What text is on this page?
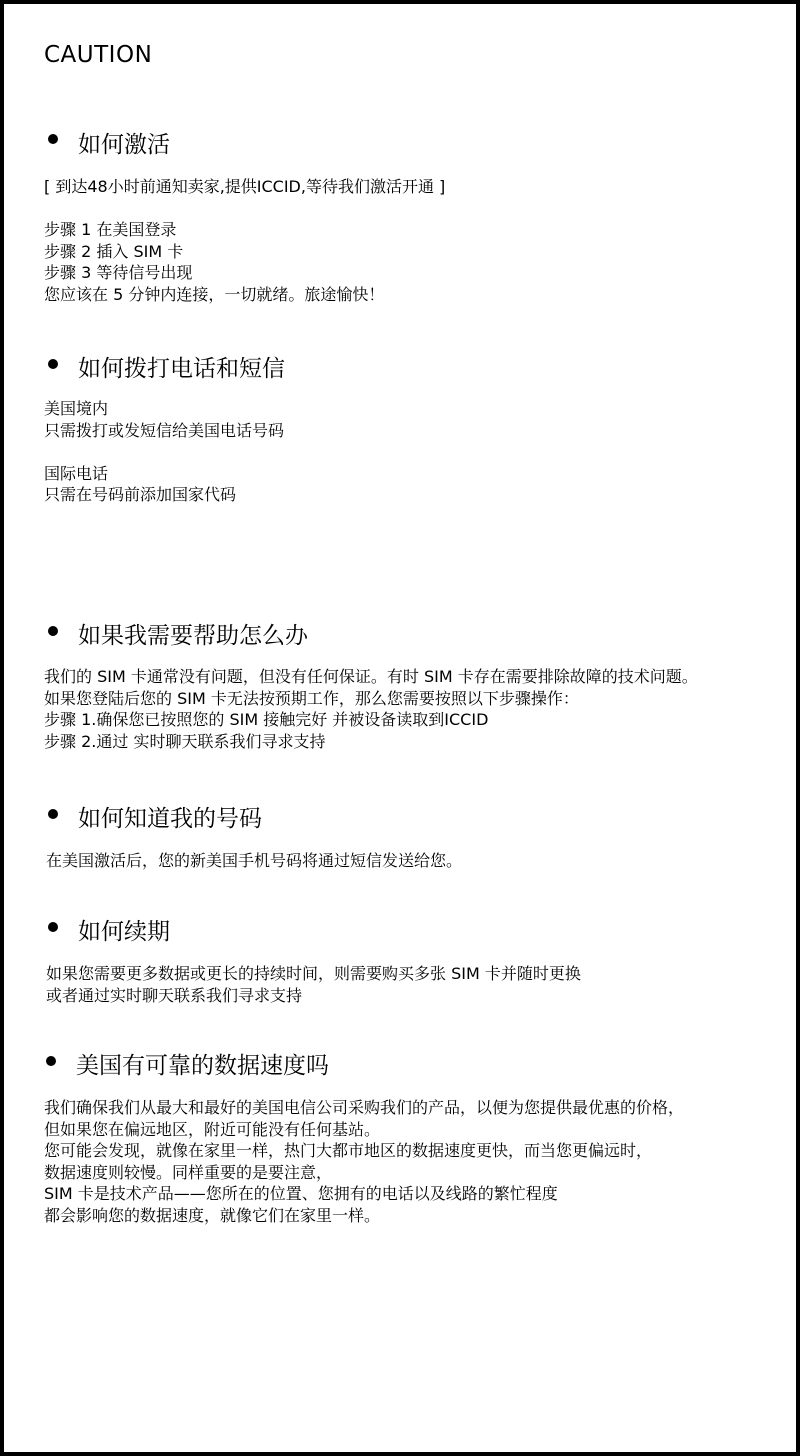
CAUTION
如何激活
[ 到达48小时前通知卖家,提供ICCID,等待我们激活开通 ]
步骤 1 在美国登录
步骤 2 插入 SIM 卡
步骤 3 等待信号出现
您应该在 5 分钟内连接，一切就绪。旅途愉快！
如何拨打电话和短信
美国境内
只需拨打或发短信给美国电话号码
国际电话
只需在号码前添加国家代码
如果我需要帮助怎么办
我们的 SIM 卡通常没有问题，但没有任何保证。有时 SIM 卡存在需要排除故障的技术问题。
如果您登陆后您的 SIM 卡无法按预期工作，那么您需要按照以下步骤操作：
步骤 1.确保您已按照您的 SIM 接触完好 并被设备读取到ICCID
步骤 2.通过 实时聊天联系我们寻求支持
如何知道我的号码
在美国激活后，您的新美国手机号码将通过短信发送给您。
如何续期
如果您需要更多数据或更长的持续时间，则需要购买多张 SIM 卡并随时更换
或者通过实时聊天联系我们寻求支持
美国有可靠的数据速度吗
我们确保我们从最大和最好的美国电信公司采购我们的产品，以便为您提供最优惠的价格，
但如果您在偏远地区，附近可能没有任何基站。
您可能会发现，就像在家里一样，热门大都市地区的数据速度更快，而当您更偏远时，
数据速度则较慢。同样重要的是要注意，
SIM 卡是技术产品——您所在的位置、您拥有的电话以及线路的繁忙程度
都会影响您的数据速度，就像它们在家里一样。
